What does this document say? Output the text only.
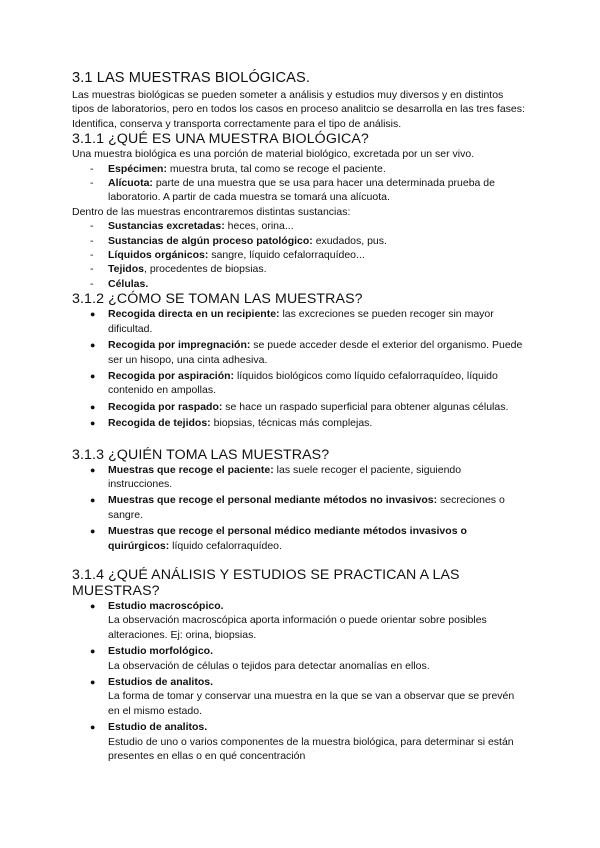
3.1 LAS MUESTRAS BIOLÓGICAS.

Las muestras biológicas se pueden someter a análisis y estudios muy diversos y en distintos tipos de laboratorios, pero en todos los casos en proceso analitcio se desarrolla en las tres fases:

Identifica, conserva y transporta correctamente para el tipo de análisis.

3.1.1 ¿QUÉ ES UNA MUESTRA BIOLÓGICA?

Una muestra biológica es una porción de material biológico, excretada por un ser vivo.

- Espécimen: muestra bruta, tal como se recoge el paciente.
- Alícuota: parte de una muestra que se usa para hacer una determinada prueba de laboratorio. A partir de cada muestra se tomará una alícuota.

Dentro de las muestras encontraremos distintas sustancias:

- Sustancias excretadas: heces, orina...
- Sustancias de algún proceso patológico: exudados, pus.
- Líquidos orgánicos: sangre, líquido cefalorraquídeo...
- Tejidos, procedentes de biopsias.
- Células.
3.1.2 ¿CÓMO SE TOMAN LAS MUESTRAS?
● Recogida directa en un recipiente: las excreciones se pueden recoger sin mayor dificultad.
● Recogida por impregnación: se puede acceder desde el exterior del organismo. Puede ser un hisopo, una cinta adhesiva.
● Recogida por aspiración: líquidos biológicos como líquido cefalorraquídeo, líquido contenido en ampollas.
● Recogida por raspado: se hace un raspado superficial para obtener algunas células.
● Recogida de tejidos: biopsias, técnicas más complejas.
3.1.3 ¿QUIÉN TOMA LAS MUESTRAS?
● Muestras que recoge el paciente: las suele recoger el paciente, siguiendo instrucciones.
● Muestras que recoge el personal mediante métodos no invasivos: secreciones o sangre.
● Muestras que recoge el personal médico mediante métodos invasivos o quirúrgicos: líquido cefalorraquídeo.
3.1.4 ¿QUÉ ANÁLISIS Y ESTUDIOS SE PRACTICAN A LAS MUESTRAS?
● Estudio macroscópico.
La observación macroscópica aporta información o puede orientar sobre posibles alteraciones. Ej: orina, biopsias.
● Estudio morfológico.
La observación de células o tejidos para detectar anomalías en ellos.
● Estudios de analitos.
La forma de tomar y conservar una muestra en la que se van a observar que se prevén en el mismo estado.
● Estudio de analitos.
Estudio de uno o varios componentes de la muestra biológica, para determinar si están presentes en ellas o en qué concentración
